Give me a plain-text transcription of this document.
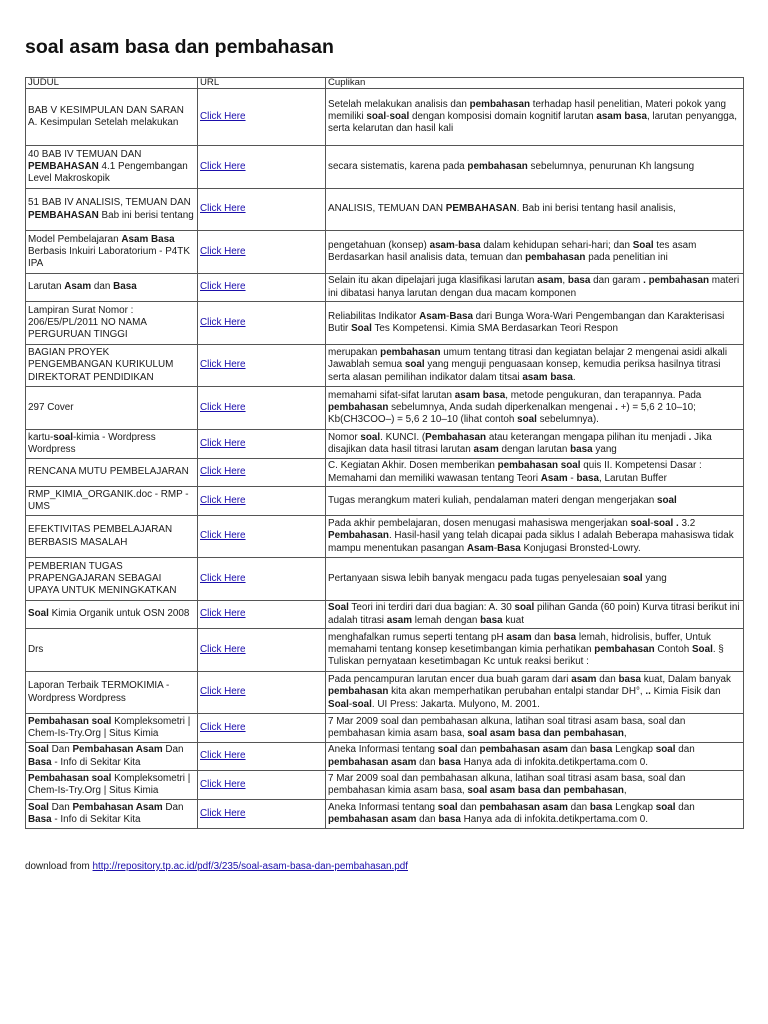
soal asam basa dan pembahasan
JUDUL	URL	Cuplikan
BAB V KESIMPULAN DAN SARAN A. Kesimpulan Setelah melakukan	Click Here	Setelah melakukan analisis dan pembahasan terhadap hasil penelitian, Materi pokok yang memiliki soal-soal dengan komposisi domain kognitif larutan asam basa, larutan penyangga, serta kelarutan dan hasil kali
40 BAB IV TEMUAN DAN PEMBAHASAN 4.1 Pengembangan Level Makroskopik	Click Here	secara sistematis, karena pada pembahasan sebelumnya, penurunan Kh langsung
51 BAB IV ANALISIS, TEMUAN DAN PEMBAHASAN Bab ini berisi tentang	Click Here	ANALISIS, TEMUAN DAN PEMBAHASAN. Bab ini berisi tentang hasil analisis,
Model Pembelajaran Asam Basa Berbasis Inkuiri Laboratorium - P4TK IPA	Click Here	pengetahuan (konsep) asam-basa dalam kehidupan sehari-hari; dan Soal tes asam Berdasarkan hasil analisis data, temuan dan pembahasan pada penelitian ini
Larutan Asam dan Basa	Click Here	Selain itu akan dipelajari juga klasifikasi larutan asam, basa dan garam . pembahasan materi ini dibatasi hanya larutan dengan dua macam komponen
Lampiran Surat Nomor : 206/E5/PL/2011 NO NAMA PERGURUAN TINGGI	Click Here	Reliabilitas Indikator Asam-Basa dari Bunga Wora-Wari Pengembangan dan Karakterisasi Butir Soal Tes Kompetensi. Kimia SMA Berdasarkan Teori Respon
BAGIAN PROYEK PENGEMBANGAN KURIKULUM DIREKTORAT PENDIDIKAN	Click Here	merupakan pembahasan umum tentang titrasi dan kegiatan belajar 2 mengenai asidi alkali Jawablah semua soal yang menguji penguasaan konsep, kemudia periksa hasilnya titrasi serta alasan pemilihan indikator dalam titsai asam basa.
297 Cover	Click Here	memahami sifat-sifat larutan asam basa, metode pengukuran, dan terapannya. Pada pembahasan sebelumnya, Anda sudah diperkenalkan mengenai . +) = 5,6 2 10–10; Kb(CH3COO–) = 5,6 2 10–10 (lihat contoh soal sebelumnya).
kartu-soal-kimia - Wordpress Wordpress	Click Here	Nomor soal. KUNCI. (Pembahasan atau keterangan mengapa pilihan itu menjadi . Jika disajikan data hasil titrasi larutan asam dengan larutan basa yang
RENCANA MUTU PEMBELAJARAN	Click Here	C. Kegiatan Akhir. Dosen memberikan pembahasan soal quis II. Kompetensi Dasar : Memahami dan memiliki wawasan tentang Teori Asam - basa, Larutan Buffer
RMP_KIMIA_ORGANIK.doc - RMP - UMS	Click Here	Tugas merangkum materi kuliah, pendalaman materi dengan mengerjakan soal
EFEKTIVITAS PEMBELAJARAN BERBASIS MASALAH	Click Here	Pada akhir pembelajaran, dosen menugasi mahasiswa mengerjakan soal-soal . 3.2 Pembahasan. Hasil-hasil yang telah dicapai pada siklus I adalah Beberapa mahasiswa tidak mampu menentukan pasangan Asam-Basa Konjugasi Bronsted-Lowry.
PEMBERIAN TUGAS PRAPENGAJARAN SEBAGAI UPAYA UNTUK MENINGKATKAN	Click Here	Pertanyaan siswa lebih banyak mengacu pada tugas penyelesaian soal yang
Soal Kimia Organik untuk OSN 2008	Click Here	Soal Teori ini terdiri dari dua bagian: A. 30 soal pilihan Ganda (60 poin) Kurva titrasi berikut ini adalah titrasi asam lemah dengan basa kuat
Drs	Click Here	menghafalkan rumus seperti tentang pH asam dan basa lemah, hidrolisis, buffer, Untuk memahami tentang konsep kesetimbangan kimia perhatikan pembahasan Contoh Soal. § Tuliskan pernyataan kesetimbagan Kc untuk reaksi berikut :
Laporan Terbaik TERMOKIMIA - Wordpress Wordpress	Click Here	Pada pencampuran larutan encer dua buah garam dari asam dan basa kuat, Dalam banyak pembahasan kita akan memperhatikan perubahan entalpi standar DH°, .. Kimia Fisik dan Soal-soal. UI Press: Jakarta. Mulyono, M. 2001.
Pembahasan soal Kompleksometri | Chem-Is-Try.Org | Situs Kimia	Click Here	7 Mar 2009 soal dan pembahasan alkuna, latihan soal titrasi asam basa, soal dan pembahasan kimia asam basa, soal asam basa dan pembahasan,
Soal Dan Pembahasan Asam Dan Basa - Info di Sekitar Kita	Click Here	Aneka Informasi tentang soal dan pembahasan asam dan basa Lengkap soal dan pembahasan asam dan basa Hanya ada di infokita.detikpertama.com 0.
Pembahasan soal Kompleksometri | Chem-Is-Try.Org | Situs Kimia	Click Here	7 Mar 2009 soal dan pembahasan alkuna, latihan soal titrasi asam basa, soal dan pembahasan kimia asam basa, soal asam basa dan pembahasan,
Soal Dan Pembahasan Asam Dan Basa - Info di Sekitar Kita	Click Here	Aneka Informasi tentang soal dan pembahasan asam dan basa Lengkap soal dan pembahasan asam dan basa Hanya ada di infokita.detikpertama.com 0.
download from http://repository.tp.ac.id/pdf/3/235/soal-asam-basa-dan-pembahasan.pdf
